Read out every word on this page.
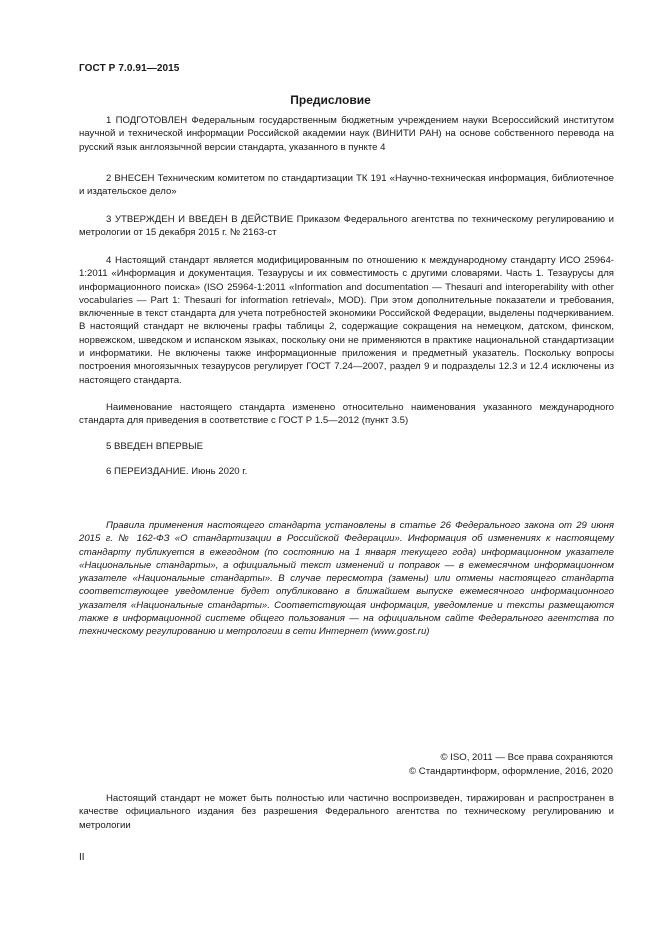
ГОСТ Р 7.0.91—2015
Предисловие

1 ПОДГОТОВЛЕН Федеральным государственным бюджетным учреждением науки Всероссийский институтом научной и технической информации Российской академии наук (ВИНИТИ РАН) на основе собственного перевода на русский язык англоязычной версии стандарта, указанного в пункте 4

2 ВНЕСЕН Техническим комитетом по стандартизации ТК 191 «Научно-техническая информация, библиотечное и издательское дело»

3 УТВЕРЖДЕН И ВВЕДЕН В ДЕЙСТВИЕ Приказом Федерального агентства по техническому регулированию и метрологии от 15 декабря 2015 г. № 2163-ст

4 Настоящий стандарт является модифицированным по отношению к международному стандарту ИСО 25964-1:2011 «Информация и документация. Тезаурусы и их совместимость с другими словарями. Часть 1. Тезаурусы для информационного поиска» (ISO 25964-1:2011 «Information and documentation — Thesauri and interoperability with other vocabularies — Part 1: Thesauri for information retrieval», MOD). При этом дополнительные показатели и требования, включенные в текст стандарта для учета потребностей экономики Российской Федерации, выделены подчеркиванием. В настоящий стандарт не включены графы таблицы 2, содержащие сокращения на немецком, датском, финском, норвежском, шведском и испанском языках, поскольку они не применяются в практике национальной стандартизации и информатики. Не включены также информационные приложения и предметный указатель. Поскольку вопросы построения многоязычных тезаурусов регулирует ГОСТ 7.24—2007, раздел 9 и подразделы 12.3 и 12.4 исключены из настоящего стандарта.

Наименование настоящего стандарта изменено относительно наименования указанного международного стандарта для приведения в соответствие с ГОСТ Р 1.5—2012 (пункт 3.5)

5 ВВЕДЕН ВПЕРВЫЕ

6 ПЕРЕИЗДАНИЕ. Июнь 2020 г.

Правила применения настоящего стандарта установлены в статье 26 Федерального закона от 29 июня 2015 г. № 162-ФЗ «О стандартизации в Российской Федерации». Информация об изменениях к настоящему стандарту публикуется в ежегодном (по состоянию на 1 января текущего года) информационном указателе «Национальные стандарты», а официальный текст изменений и поправок — в ежемесячном информационном указателе «Национальные стандарты». В случае пересмотра (замены) или отмены настоящего стандарта соответствующее уведомление будет опубликовано в ближайшем выпуске ежемесячного информационного указателя «Национальные стандарты». Соответствующая информация, уведомление и тексты размещаются также в информационной системе общего пользования — на официальном сайте Федерального агентства по техническому регулированию и метрологии в сети Интернет (www.gost.ru)

© ISO, 2011 — Все права сохраняются
© Стандартинформ, оформление, 2016, 2020

Настоящий стандарт не может быть полностью или частично воспроизведен, тиражирован и распространен в качестве официального издания без разрешения Федерального агентства по техническому регулированию и метрологии

II
